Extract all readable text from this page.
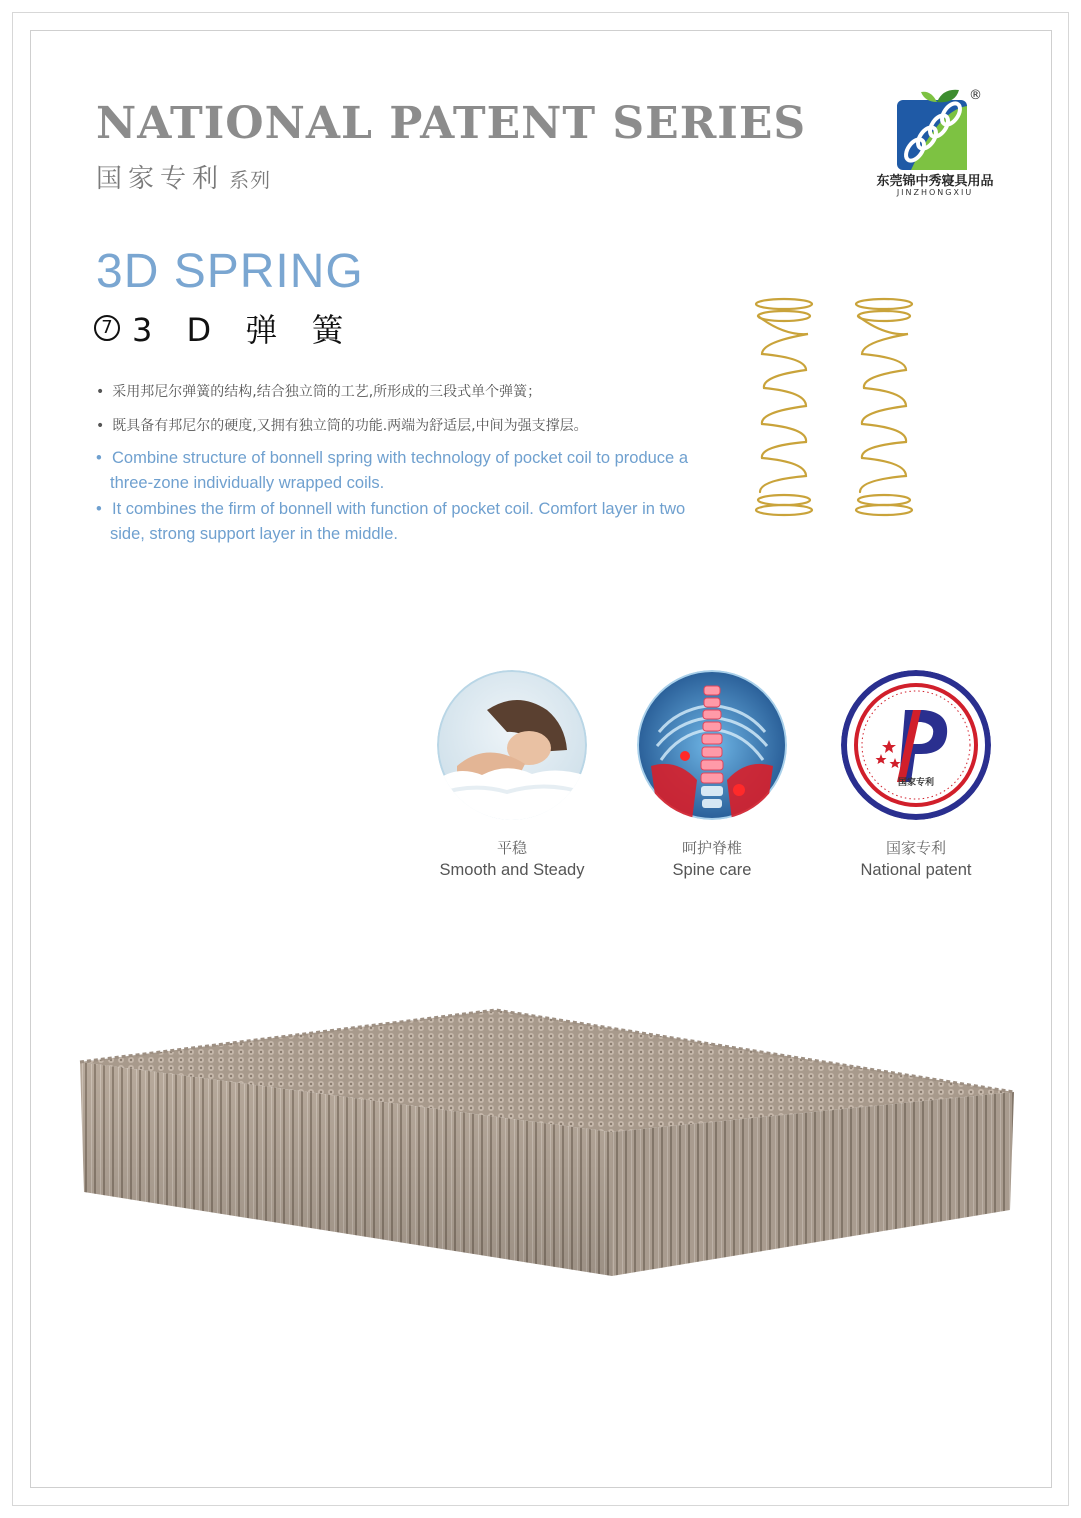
NATIONAL PATENT SERIES
国家专利 系列
®
东莞锦中秀寝具用品
JINZHONGXIU
3D SPRING
7 3 D 弹 簧
• 采用邦尼尔弹簧的结构,结合独立筒的工艺,所形成的三段式单个弹簧；
• 既具备有邦尼尔的硬度,又拥有独立筒的功能.两端为舒适层,中间为强支撑层。
• Combine structure of bonnell spring with technology of pocket coil to produce a three-zone individually wrapped coils.
• It combines the firm of bonnell with function of pocket coil. Comfort layer in two side, strong support layer in the middle.
平稳
Smooth and Steady
呵护脊椎
Spine care
国家专利
国家专利
National patent
